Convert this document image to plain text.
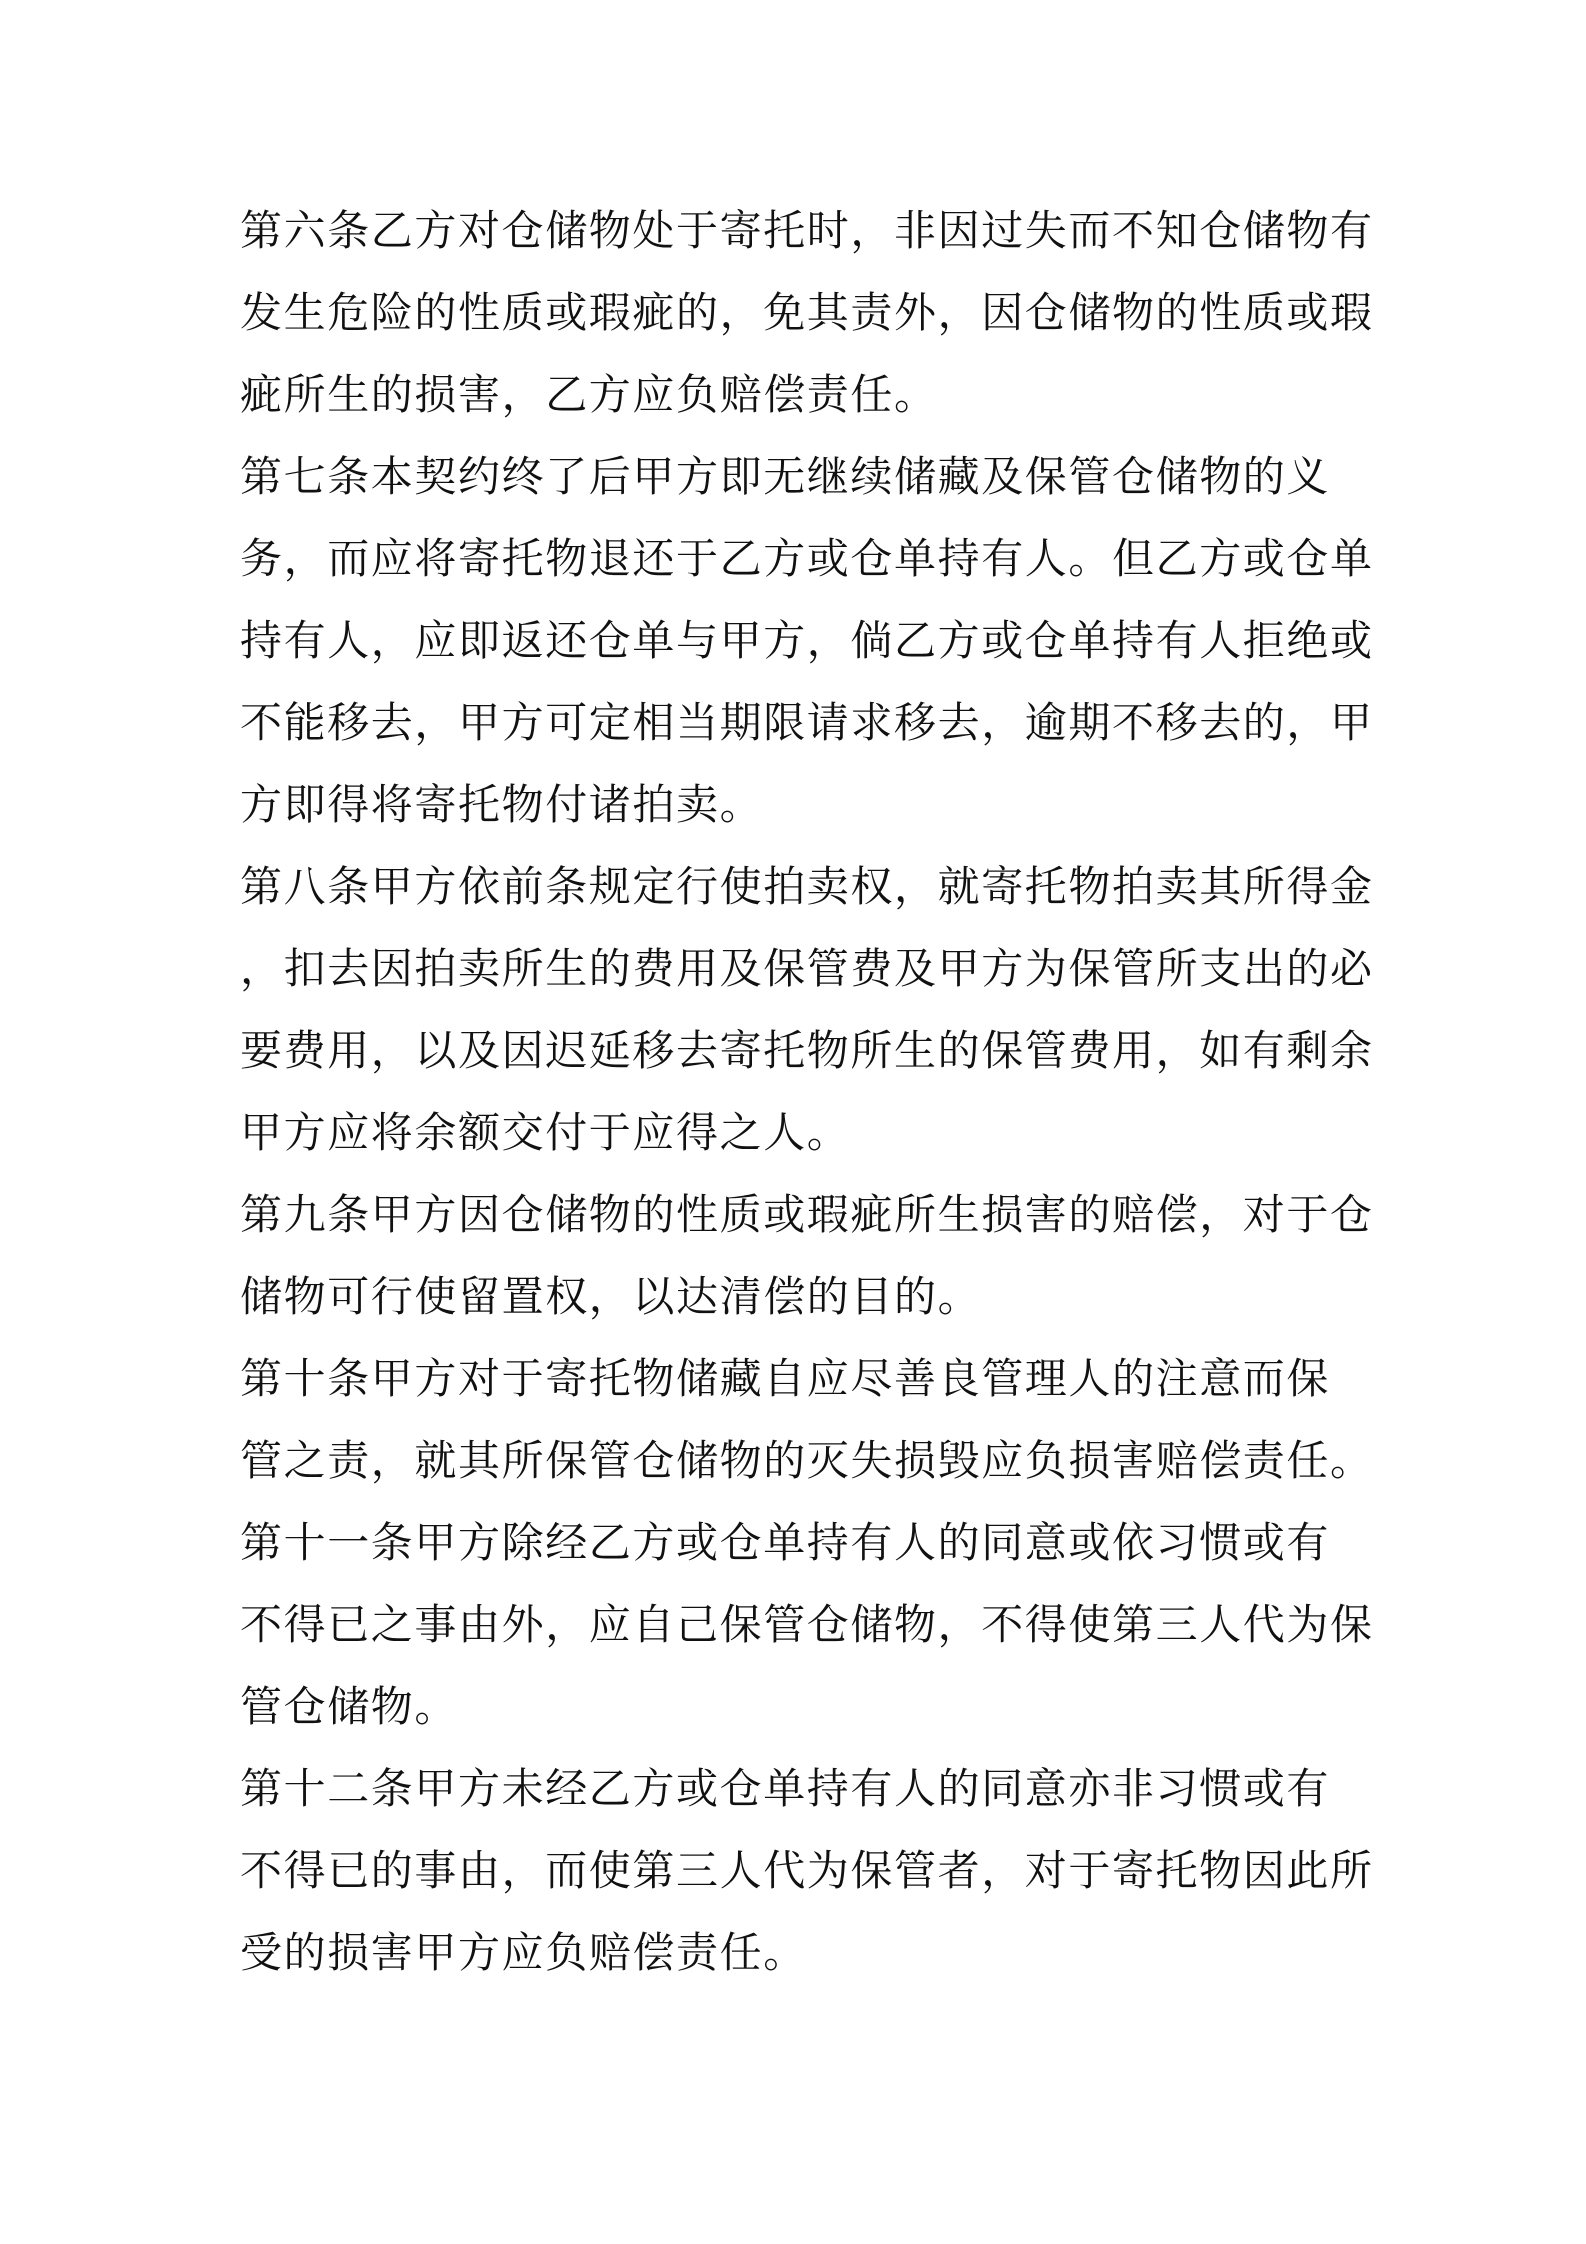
第六条乙方对仓储物处于寄托时，非因过失而不知仓储物有
发生危险的性质或瑕疵的，免其责外，因仓储物的性质或瑕
疵所生的损害，乙方应负赔偿责任。
第七条本契约终了后甲方即无继续储藏及保管仓储物的义
务，而应将寄托物退还于乙方或仓单持有人。但乙方或仓单
持有人，应即返还仓单与甲方，倘乙方或仓单持有人拒绝或
不能移去，甲方可定相当期限请求移去，逾期不移去的，甲
方即得将寄托物付诸拍卖。
第八条甲方依前条规定行使拍卖权，就寄托物拍卖其所得金
，扣去因拍卖所生的费用及保管费及甲方为保管所支出的必
要费用，以及因迟延移去寄托物所生的保管费用，如有剩余
甲方应将余额交付于应得之人。
第九条甲方因仓储物的性质或瑕疵所生损害的赔偿，对于仓
储物可行使留置权，以达清偿的目的。
第十条甲方对于寄托物储藏自应尽善良管理人的注意而保
管之责，就其所保管仓储物的灭失损毁应负损害赔偿责任。
第十一条甲方除经乙方或仓单持有人的同意或依习惯或有
不得已之事由外，应自己保管仓储物，不得使第三人代为保
管仓储物。
第十二条甲方未经乙方或仓单持有人的同意亦非习惯或有
不得已的事由，而使第三人代为保管者，对于寄托物因此所
受的损害甲方应负赔偿责任。
